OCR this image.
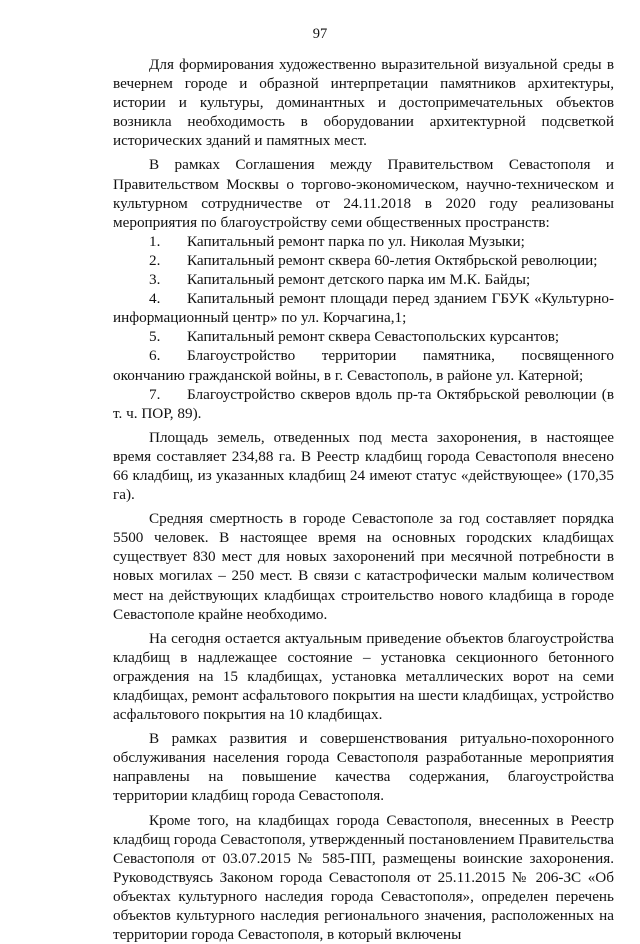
97

Для формирования художественно выразительной визуальной среды в вечернем городе и образной интерпретации памятников архитектуры, истории и культуры, доминантных и достопримечательных объектов возникла необходимость в оборудовании архитектурной подсветкой исторических зданий и памятных мест.

В рамках Соглашения между Правительством Севастополя и Правительством Москвы о торгово-экономическом, научно-техническом и культурном сотрудничестве от 24.11.2018 в 2020 году реализованы мероприятия по благоустройству семи общественных пространств:

1. Капитальный ремонт парка по ул. Николая Музыки;

2. Капитальный ремонт сквера 60-летия Октябрьской революции;

3. Капитальный ремонт детского парка им М.К. Байды;

4. Капитальный ремонт площади перед зданием ГБУК «Культурно-информационный центр» по ул. Корчагина,1;

5. Капитальный ремонт сквера Севастопольских курсантов;

6. Благоустройство территории памятника, посвященного окончанию гражданской войны, в г. Севастополь, в районе ул. Катерной;

7. Благоустройство скверов вдоль пр-та Октябрьской революции (в т. ч. ПОР, 89).

Площадь земель, отведенных под места захоронения, в настоящее время составляет 234,88 га. В Реестр кладбищ города Севастополя внесено 66 кладбищ, из указанных кладбищ 24 имеют статус «действующее» (170,35 га).

Средняя смертность в городе Севастополе за год составляет порядка 5500 человек. В настоящее время на основных городских кладбищах существует 830 мест для новых захоронений при месячной потребности в новых могилах – 250 мест. В связи с катастрофически малым количеством мест на действующих кладбищах строительство нового кладбища в городе Севастополе крайне необходимо.

На сегодня остается актуальным приведение объектов благоустройства кладбищ в надлежащее состояние – установка секционного бетонного ограждения на 15 кладбищах, установка металлических ворот на семи кладбищах, ремонт асфальтового покрытия на шести кладбищах, устройство асфальтового покрытия на 10 кладбищах.

В рамках развития и совершенствования ритуально-похоронного обслуживания населения города Севастополя разработанные мероприятия направлены на повышение качества содержания, благоустройства территории кладбищ города Севастополя.

Кроме того, на кладбищах города Севастополя, внесенных в Реестр кладбищ города Севастополя, утвержденный постановлением Правительства Севастополя от 03.07.2015 № 585-ПП, размещены воинские захоронения. Руководствуясь Законом города Севастополя от 25.11.2015 № 206-ЗС «Об объектах культурного наследия города Севастополя», определен перечень объектов культурного наследия регионального значения, расположенных на территории города Севастополя, в который включены
